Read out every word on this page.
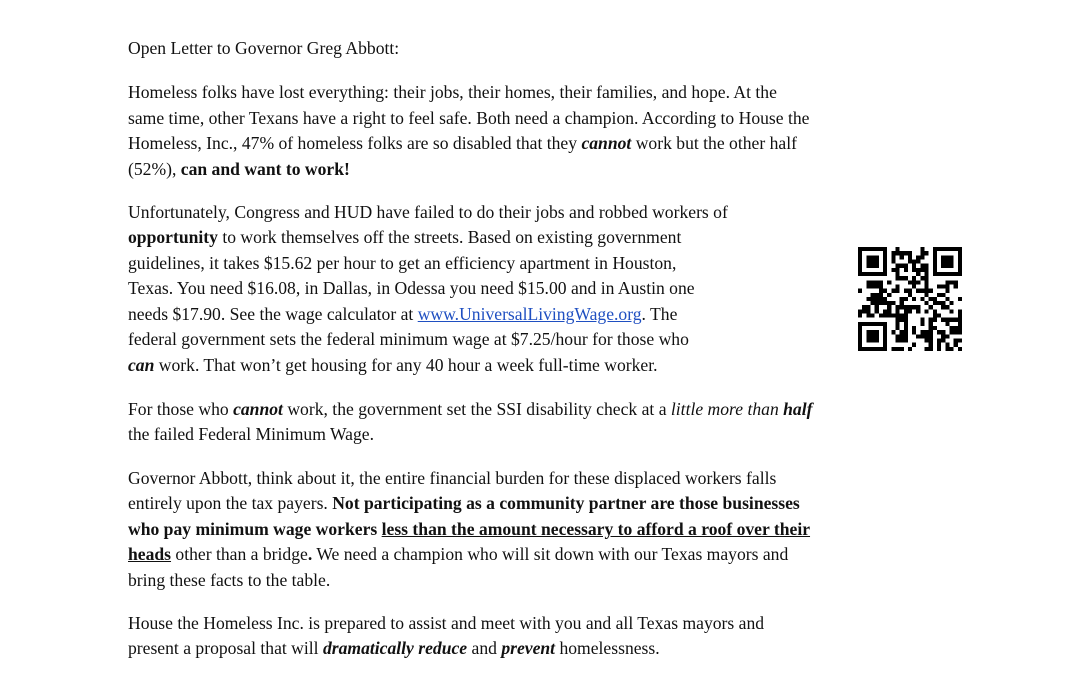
Open Letter to Governor Greg Abbott:
Homeless folks have lost everything: their jobs, their homes, their families, and hope. At the
same time, other Texans have a right to feel safe. Both need a champion. According to House the
Homeless, Inc., 47% of homeless folks are so disabled that they cannot work but the other half
(52%), can and want to work!
Unfortunately, Congress and HUD have failed to do their jobs and robbed workers of
opportunity to work themselves off the streets. Based on existing government
guidelines, it takes $15.62 per hour to get an efficiency apartment in Houston,
Texas. You need $16.08, in Dallas, in Odessa you need $15.00 and in Austin one
needs $17.90. See the wage calculator at www.UniversalLivingWage.org. The
federal government sets the federal minimum wage at $7.25/hour for those who
can work. That won’t get housing for any 40 hour a week full-time worker.
For those who cannot work, the government set the SSI disability check at a little more than half
the failed Federal Minimum Wage.
Governor Abbott, think about it, the entire financial burden for these displaced workers falls
entirely upon the tax payers. Not participating as a community partner are those businesses
who pay minimum wage workers less than the amount necessary to afford a roof over their
heads other than a bridge. We need a champion who will sit down with our Texas mayors and
bring these facts to the table.
House the Homeless Inc. is prepared to assist and meet with you and all Texas mayors and
present a proposal that will dramatically reduce and prevent homelessness.
